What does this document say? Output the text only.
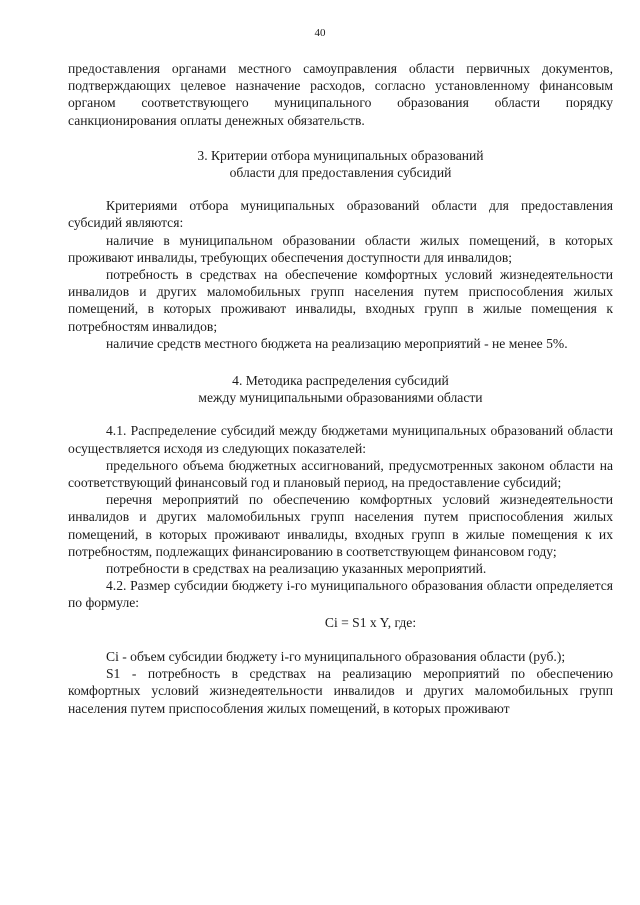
40

предоставления органами местного самоуправления области первичных документов, подтверждающих целевое назначение расходов, согласно установленному финансовым органом соответствующего муниципального образования области порядку санкционирования оплаты денежных обязательств.

3. Критерии отбора муниципальных образований
области для предоставления субсидий

Критериями отбора муниципальных образований области для предоставления субсидий являются:

наличие в муниципальном образовании области жилых помещений, в которых проживают инвалиды, требующих обеспечения доступности для инвалидов;

потребность в средствах на обеспечение комфортных условий жизнедеятельности инвалидов и других маломобильных групп населения путем приспособления жилых помещений, в которых проживают инвалиды, входных групп в жилые помещения к потребностям инвалидов;

наличие средств местного бюджета на реализацию мероприятий - не менее 5%.

4. Методика распределения субсидий
между муниципальными образованиями области

4.1. Распределение субсидий между бюджетами муниципальных образований области осуществляется исходя из следующих показателей:

предельного объема бюджетных ассигнований, предусмотренных законом области на соответствующий финансовый год и плановый период, на предоставление субсидий;

перечня мероприятий по обеспечению комфортных условий жизнедеятельности инвалидов и других маломобильных групп населения путем приспособления жилых помещений, в которых проживают инвалиды, входных групп в жилые помещения к их потребностям, подлежащих финансированию в соответствующем финансовом году;

потребности в средствах на реализацию указанных мероприятий.

4.2. Размер субсидии бюджету i-го муниципального образования области определяется по формуле:

Ci = S1 x Y, где:

Ci - объем субсидии бюджету i-го муниципального образования области (руб.);

S1 - потребность в средствах на реализацию мероприятий по обеспечению комфортных условий жизнедеятельности инвалидов и других маломобильных групп населения путем приспособления жилых помещений, в которых проживают
